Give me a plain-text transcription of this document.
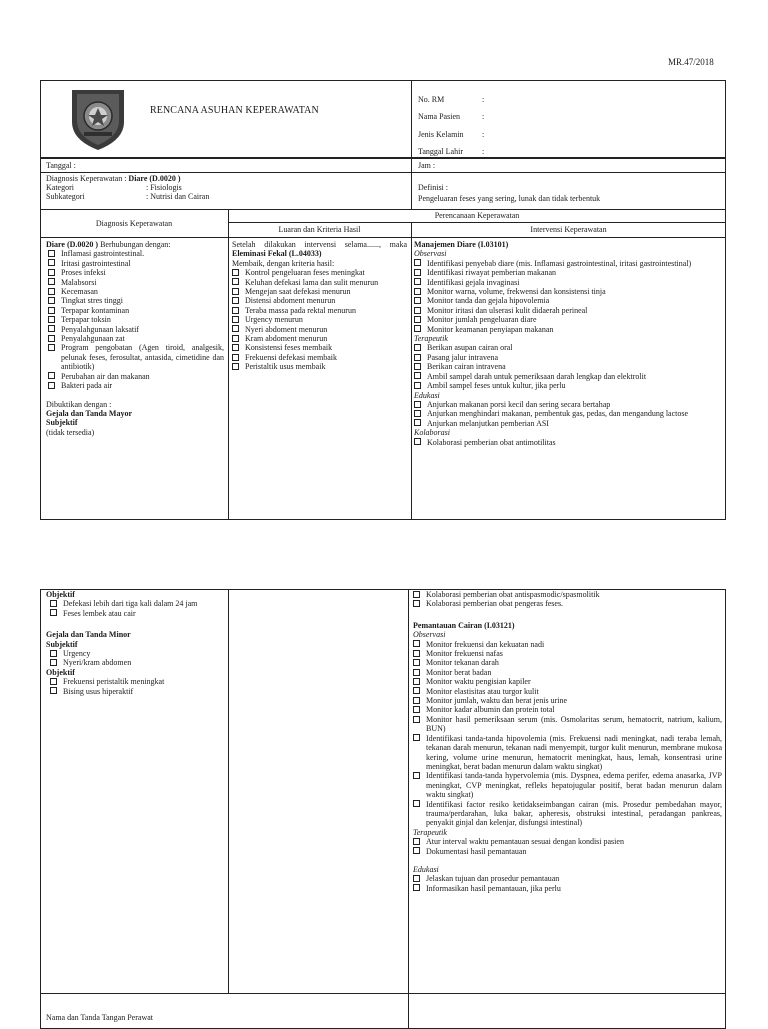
MR.47/2018
RENCANA ASUHAN KEPERAWATAN
No. RM	:
Nama Pasien	:
Jenis Kelamin	:
Tanggal Lahir	:
Tanggal :	Jam :
Diagnosis Keperawatan : Diare (D.0020 )
Kategori	: Fisiologis
Subkategori	: Nutrisi dan Cairan
Definisi :
Pengeluaran feses yang sering, lunak dan tidak terbentuk
Diagnosis Keperawatan
Perencanaan Keperawatan
Luaran dan Kriteria Hasil	Intervensi Keperawatan
Diare (D.0020 ) Berhubungan dengan:
Inflamasi gastrointestinal.
Iritasi gastrointestinal
Proses infeksi
Malabsorsi
Kecemasan
Tingkat stres tinggi
Terpapar kontaminan
Terpapar toksin
Penyalahgunaan laksatif
Penyalahgunaan zat
Program pengobatan (Agen tiroid, analgesik, pelunak feses, ferosultat, antasida, cimetidine dan antibiotik)
Perubahan air dan makanan
Bakteri pada air
Dibuktikan dengan :
Gejala dan Tanda Mayor
Subjektif
(tidak tersedia)
Setelah dilakukan intervensi selama......, maka Eleminasi Fekal (L.04033)
Membaik, dengan kriteria hasil:
Kontrol pengeluaran feses meningkat
Keluhan defekasi lama dan sulit menurun
Mengejan saat defekasi menurun
Distensi abdoment menurun
Teraba massa pada rektal menurun
Urgency menurun
Nyeri abdoment menurun
Kram abdoment menurun
Konsistensi feses membaik
Frekuensi defekasi membaik
Peristaltik usus membaik
Manajemen Diare (I.03101)
Observasi
Identifikasi penyebab diare (mis. Inflamasi gastrointestinal, iritasi gastrointestinal)
Identifikasi riwayat pemberian makanan
Identifikasi gejala invaginasi
Monitor warna, volume, frekwensi dan konsistensi tinja
Monitor tanda dan gejala hipovolemia
Monitor iritasi dan ulserasi kulit didaerah perineal
Monitor jumlah pengeluaran diare
Monitor keamanan penyiapan makanan
Terapeutik
Berikan asupan cairan oral
Pasang jalur intravena
Berikan cairan intravena
Ambil sampel darah untuk pemeriksaan darah lengkap dan elektrolit
Ambil sampel feses untuk kultur, jika perlu
Edukasi
Anjurkan makanan porsi kecil dan sering secara bertahap
Anjurkan menghindari makanan, pembentuk gas, pedas, dan mengandung lactose
Anjurkan melanjutkan pemberian ASI
Kolaborasi
Kolaborasi pemberian obat antimotilitas
Objektif
Defekasi lebih dari tiga kali dalam 24 jam
Feses lembek atau cair
Gejala dan Tanda Minor
Subjektif
Urgency
Nyeri/kram abdomen
Objektif
Frekuensi peristaltik meningkat
Bising usus hiperaktif
Kolaborasi pemberian obat antispasmodic/spasmolitik
Kolaborasi pemberian obat pengeras feses.
Pemantauan Cairan (I.03121)
Observasi
Monitor frekuensi dan kekuatan nadi
Monitor frekuensi nafas
Monitor tekanan darah
Monitor berat badan
Monitor waktu pengisian kapiler
Monitor elastisitas atau turgor kulit
Monitor jumlah, waktu dan berat jenis urine
Monitor kadar albumin dan protein total
Monitor hasil pemeriksaan serum (mis. Osmolaritas serum, hematocrit, natrium, kalium, BUN)
Identifikasi tanda-tanda hipovolemia (mis. Frekuensi nadi meningkat, nadi teraba lemah, tekanan darah menurun, tekanan nadi menyempit, turgor kulit menurun, membrane mukosa kering, volume urine menurun, hematocrit meningkat, haus, lemah, konsentrasi urine meningkat, berat badan menurun dalam waktu singkat)
Identifikasi tanda-tanda hypervolemia (mis. Dyspnea, edema perifer, edema anasarka, JVP meningkat, CVP meningkat, refleks hepatojugular positif, berat badan menurun dalam waktu singkat)
Identifikasi factor resiko ketidakseimbangan cairan (mis. Prosedur pembedahan mayor, trauma/perdarahan, luka bakar, apheresis, obstruksi intestinal, peradangan pankreas, penyakit ginjal dan kelenjar, disfungsi intestinal)
Terapeutik
Atur interval waktu pemantauan sesuai dengan kondisi pasien
Dokumentasi hasil pemantauan
Edukasi
Jelaskan tujuan dan prosedur pemantauan
Informasikan hasil pemantauan, jika perlu
Nama dan Tanda Tangan Perawat
